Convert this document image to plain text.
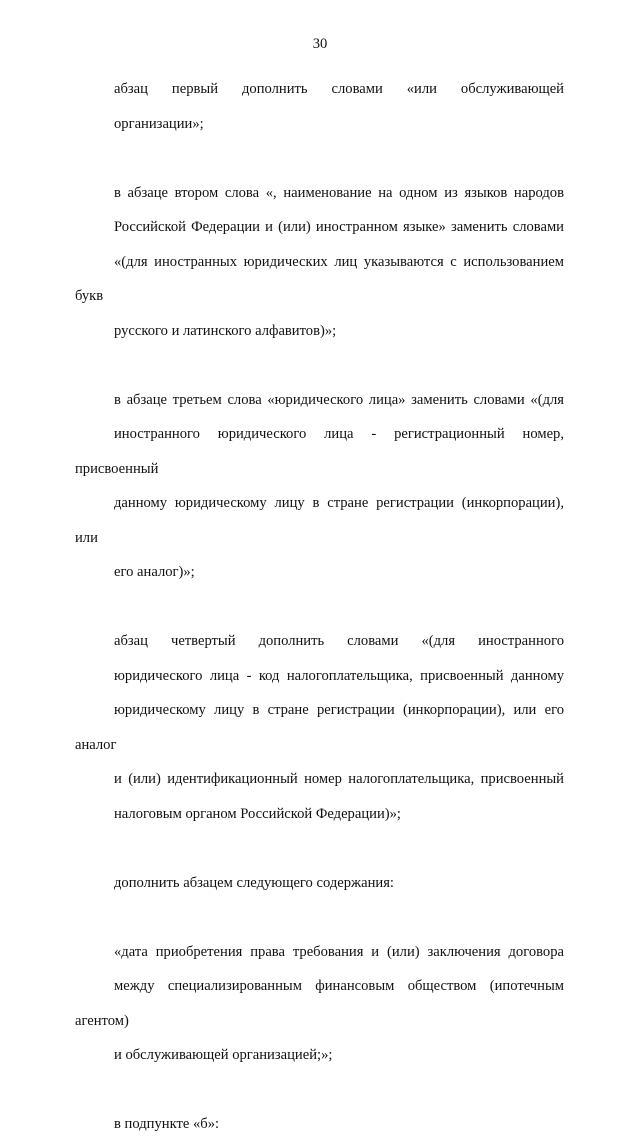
30

абзац первый дополнить словами «или обслуживающей
организации»;

в абзаце втором слова «, наименование на одном из языков народов
Российской Федерации и (или) иностранном языке» заменить словами
«(для иностранных юридических лиц указываются с использованием букв
русского и латинского алфавитов)»;

в абзаце третьем слова «юридического лица» заменить словами «(для
иностранного юридического лица - регистрационный номер, присвоенный
данному юридическому лицу в стране регистрации (инкорпорации), или
его аналог)»;

абзац четвертый дополнить словами «(для иностранного
юридического лица - код налогоплательщика, присвоенный данному
юридическому лицу в стране регистрации (инкорпорации), или его аналог
и (или) идентификационный номер налогоплательщика, присвоенный
налоговым органом Российской Федерации)»;

дополнить абзацем следующего содержания:

«дата приобретения права требования и (или) заключения договора
между специализированным финансовым обществом (ипотечным агентом)
и обслуживающей организацией;»;

в подпункте «б»:
